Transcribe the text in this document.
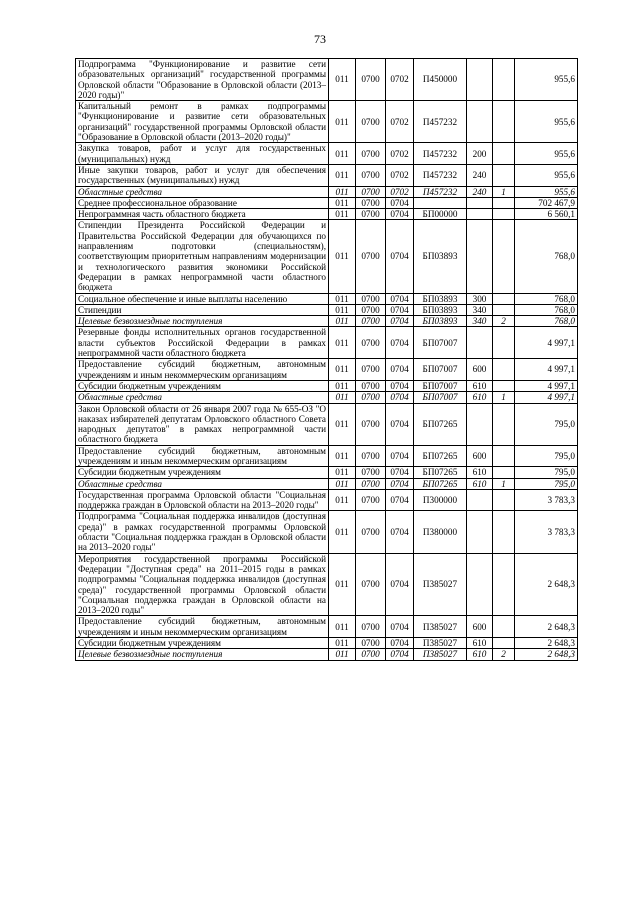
73
Подпрограмма "Функционирование и развитие сети образовательных организаций" государственной программы Орловской области "Образование в Орловской области (2013–2020 годы)"	011	0700	0702	П450000			955,6
Капитальный ремонт в рамках подпрограммы "Функционирование и развитие сети образовательных организаций" государственной программы Орловской области "Образование в Орловской области (2013–2020 годы)"	011	0700	0702	П457232			955,6
Закупка товаров, работ и услуг для государственных (муниципальных) нужд	011	0700	0702	П457232	200		955,6
Иные закупки товаров, работ и услуг для обеспечения государственных (муниципальных) нужд	011	0700	0702	П457232	240		955,6
Областные средства	011	0700	0702	П457232	240	1	955,6
Среднее профессиональное образование	011	0700	0704				702 467,9
Непрограммная часть областного бюджета	011	0700	0704	БП00000			6 560,1
Стипендии Президента Российской Федерации и Правительства Российской Федерации для обучающихся по направлениям подготовки (специальностям), соответствующим приоритетным направлениям модернизации и технологического развития экономики Российской Федерации в рамках непрограммной части областного бюджета	011	0700	0704	БП03893			768,0
Социальное обеспечение и иные выплаты населению	011	0700	0704	БП03893	300		768,0
Стипендии	011	0700	0704	БП03893	340		768,0
Целевые безвозмездные поступления	011	0700	0704	БП03893	340	2	768,0
Резервные фонды исполнительных органов государственной власти субъектов Российской Федерации в рамках непрограммной части областного бюджета	011	0700	0704	БП07007			4 997,1
Предоставление субсидий бюджетным, автономным учреждениям и иным некоммерческим организациям	011	0700	0704	БП07007	600		4 997,1
Субсидии бюджетным учреждениям	011	0700	0704	БП07007	610		4 997,1
Областные средства	011	0700	0704	БП07007	610	1	4 997,1
Закон Орловской области от 26 января 2007 года № 655-ОЗ "О наказах избирателей депутатам Орловского областного Совета народных депутатов" в рамках непрограммной части областного бюджета	011	0700	0704	БП07265			795,0
Предоставление субсидий бюджетным, автономным учреждениям и иным некоммерческим организациям	011	0700	0704	БП07265	600		795,0
Субсидии бюджетным учреждениям	011	0700	0704	БП07265	610		795,0
Областные средства	011	0700	0704	БП07265	610	1	795,0
Государственная программа Орловской области "Социальная поддержка граждан в Орловской области на 2013–2020 годы"	011	0700	0704	П300000			3 783,3
Подпрограмма "Социальная поддержка инвалидов (доступная среда)" в рамках государственной программы Орловской области "Социальная поддержка граждан в Орловской области на 2013–2020 годы"	011	0700	0704	П380000			3 783,3
Мероприятия государственной программы Российской Федерации "Доступная среда" на 2011–2015 годы в рамках подпрограммы "Социальная поддержка инвалидов (доступная среда)" государственной программы Орловской области "Социальная поддержка граждан в Орловской области на 2013–2020 годы"	011	0700	0704	П385027			2 648,3
Предоставление субсидий бюджетным, автономным учреждениям и иным некоммерческим организациям	011	0700	0704	П385027	600		2 648,3
Субсидии бюджетным учреждениям	011	0700	0704	П385027	610		2 648,3
Целевые безвозмездные поступления	011	0700	0704	П385027	610	2	2 648,3
